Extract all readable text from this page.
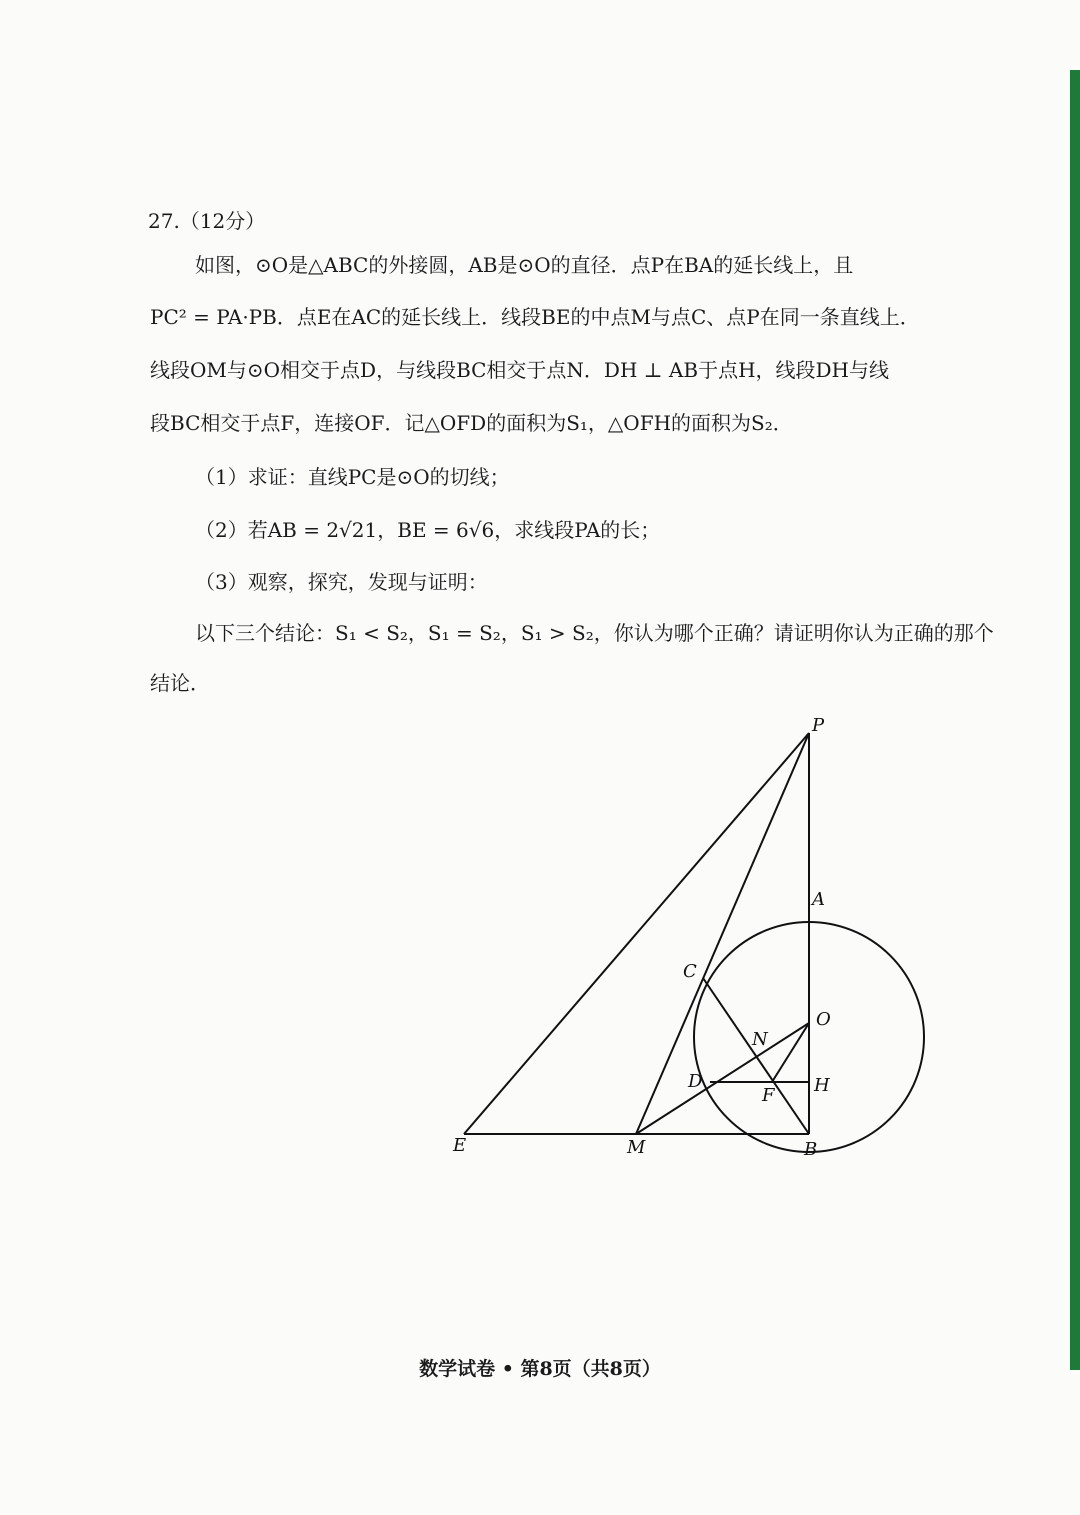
27.（12分）
如图，⊙O是△ABC的外接圆，AB是⊙O的直径．点P在BA的延长线上，且
PC² = PA·PB．点E在AC的延长线上．线段BE的中点M与点C、点P在同一条直线上．
线段OM与⊙O相交于点D，与线段BC相交于点N．DH ⊥ AB于点H，线段DH与线
段BC相交于点F，连接OF．记△OFD的面积为S₁，△OFH的面积为S₂．
（1）求证：直线PC是⊙O的切线；
（2）若AB = 2√21，BE = 6√6，求线段PA的长；
（3）观察，探究，发现与证明：
以下三个结论：S₁ < S₂，S₁ = S₂，S₁ > S₂，你认为哪个正确？请证明你认为正确的那个
结论．
P
A
C
O
N
D
F H
E	M	B
数学试卷 • 第8页（共8页）
